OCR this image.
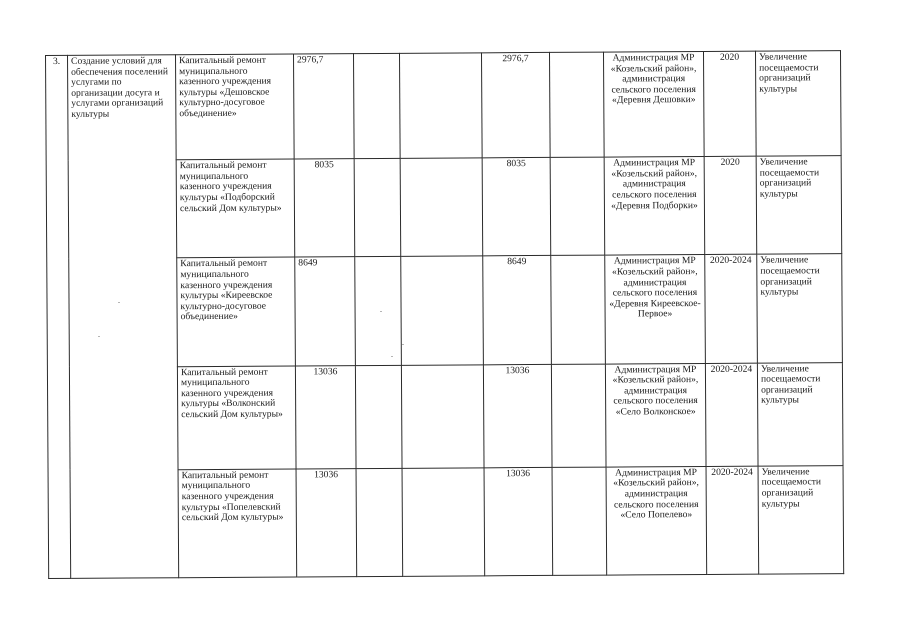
3.	Создание условий для обеспечения поселений услугами по организации досуга и услугами организаций культуры	Капитальный ремонт муниципального казенного учреждения культуры «Дешовское культурно-досуговое объединение»	2976,7			2976,7		Администрация МР «Козельский район», администрация сельского поселения «Деревня Дешовки»	2020	Увеличение посещаемости организаций культуры
		Капитальный ремонт муниципального казенного учреждения культуры «Подборский сельский Дом культуры»	8035			8035		Администрация МР «Козельский район», администрация сельского поселения «Деревня Подборки»	2020	Увеличение посещаемости организаций культуры
		Капитальный ремонт муниципального казенного учреждения культуры «Киреевское культурно-досуговое объединение»	8649			8649		Администрация МР «Козельский район», администрация сельского поселения «Деревня Киреевское-Первое»	2020-2024	Увеличение посещаемости организаций культуры
		Капитальный ремонт муниципального казенного учреждения культуры «Волконский сельский Дом культуры»	13036			13036		Администрация МР «Козельский район», администрация сельского поселения «Село Волконское»	2020-2024	Увеличение посещаемости организаций культуры
		Капитальный ремонт муниципального казенного учреждения культуры «Попелевский сельский Дом культуры»	13036			13036		Администрация МР «Козельский район», администрация сельского поселения «Село Попелево»	2020-2024	Увеличение посещаемости организаций культуры
